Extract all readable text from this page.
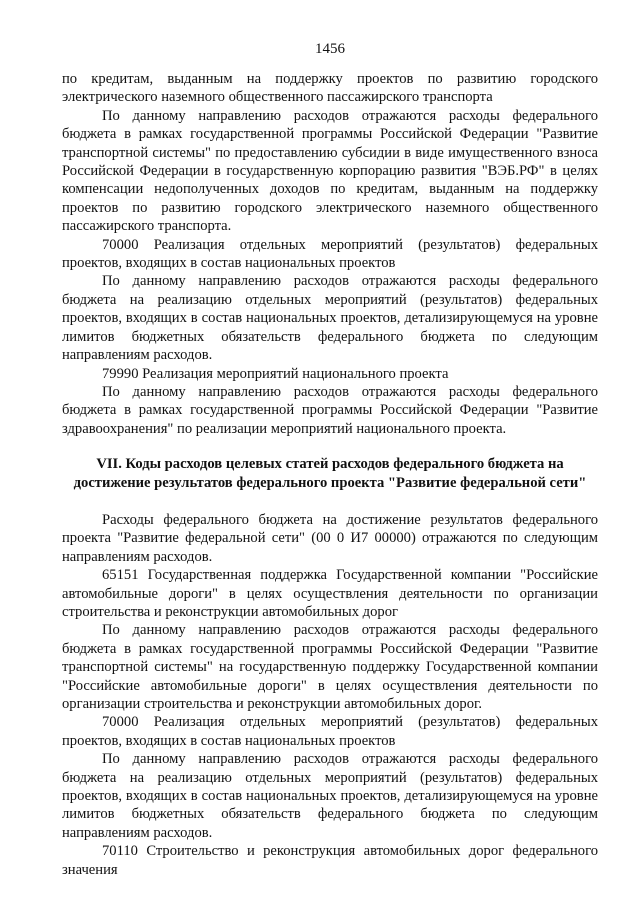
1456

по кредитам, выданным на поддержку проектов по развитию городского электрического наземного общественного пассажирского транспорта

По данному направлению расходов отражаются расходы федерального бюджета в рамках государственной программы Российской Федерации "Развитие транспортной системы" по предоставлению субсидии в виде имущественного взноса Российской Федерации в государственную корпорацию развития "ВЭБ.РФ" в целях компенсации недополученных доходов по кредитам, выданным на поддержку проектов по развитию городского электрического наземного общественного пассажирского транспорта.

70000 Реализация отдельных мероприятий (результатов) федеральных проектов, входящих в состав национальных проектов

По данному направлению расходов отражаются расходы федерального бюджета на реализацию отдельных мероприятий (результатов) федеральных проектов, входящих в состав национальных проектов, детализирующемуся на уровне лимитов бюджетных обязательств федерального бюджета по следующим направлениям расходов.

79990 Реализация мероприятий национального проекта

По данному направлению расходов отражаются расходы федерального бюджета в рамках государственной программы Российской Федерации "Развитие здравоохранения" по реализации мероприятий национального проекта.

VII. Коды расходов целевых статей расходов федерального бюджета на достижение результатов федерального проекта "Развитие федеральной сети"

Расходы федерального бюджета на достижение результатов федерального проекта "Развитие федеральной сети" (00 0 И7 00000) отражаются по следующим направлениям расходов.

65151 Государственная поддержка Государственной компании "Российские автомобильные дороги" в целях осуществления деятельности по организации строительства и реконструкции автомобильных дорог

По данному направлению расходов отражаются расходы федерального бюджета в рамках государственной программы Российской Федерации "Развитие транспортной системы" на государственную поддержку Государственной компании "Российские автомобильные дороги" в целях осуществления деятельности по организации строительства и реконструкции автомобильных дорог.

70000 Реализация отдельных мероприятий (результатов) федеральных проектов, входящих в состав национальных проектов

По данному направлению расходов отражаются расходы федерального бюджета на реализацию отдельных мероприятий (результатов) федеральных проектов, входящих в состав национальных проектов, детализирующемуся на уровне лимитов бюджетных обязательств федерального бюджета по следующим направлениям расходов.

70110 Строительство и реконструкция автомобильных дорог федерального значения
